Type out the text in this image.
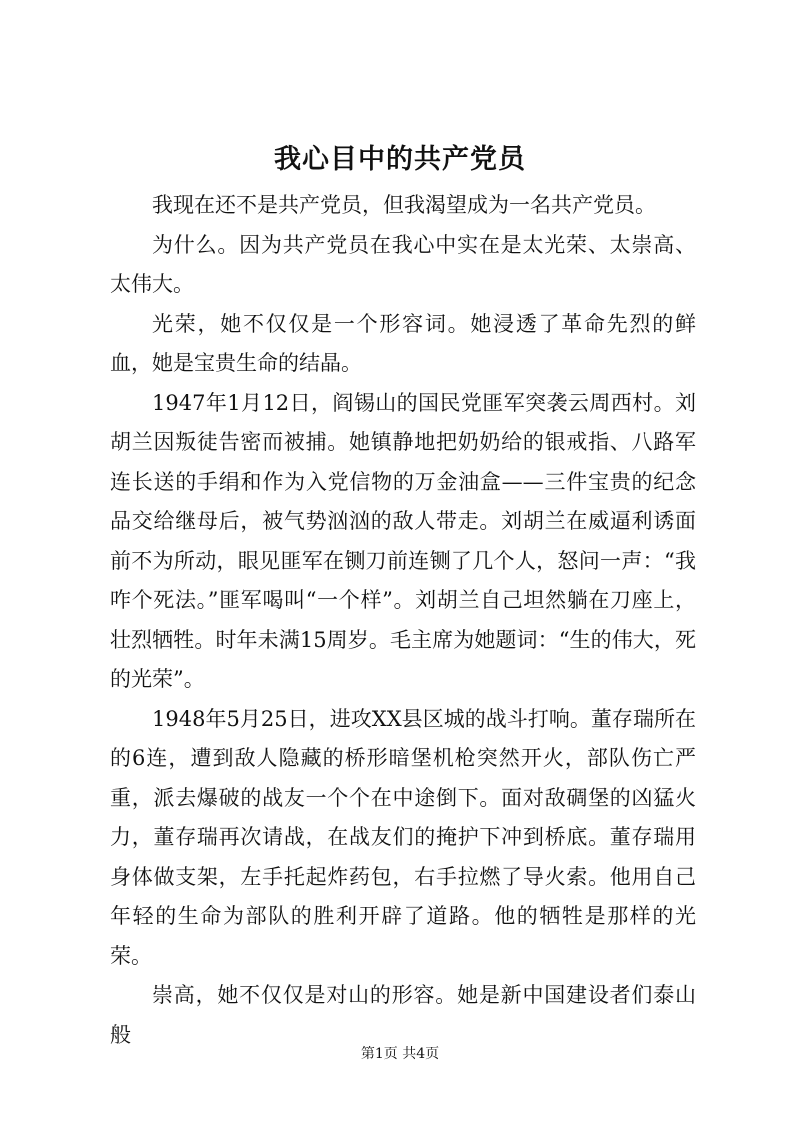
我心目中的共产党员

我现在还不是共产党员，但我渴望成为一名共产党员。

为什么。因为共产党员在我心中实在是太光荣、太崇高、太伟大。

光荣，她不仅仅是一个形容词。她浸透了革命先烈的鲜血，她是宝贵生命的结晶。

1947年1月12日，阎锡山的国民党匪军突袭云周西村。刘胡兰因叛徒告密而被捕。她镇静地把奶奶给的银戒指、八路军连长送的手绢和作为入党信物的万金油盒——三件宝贵的纪念品交给继母后，被气势汹汹的敌人带走。刘胡兰在威逼利诱面前不为所动，眼见匪军在铡刀前连铡了几个人，怒问一声：“我咋个死法。”匪军喝叫“一个样”。刘胡兰自己坦然躺在刀座上，壮烈牺牲。时年未满15周岁。毛主席为她题词：“生的伟大，死的光荣”。

1948年5月25日，进攻XX县区城的战斗打响。董存瑞所在的6连，遭到敌人隐藏的桥形暗堡机枪突然开火，部队伤亡严重，派去爆破的战友一个个在中途倒下。面对敌碉堡的凶猛火力，董存瑞再次请战，在战友们的掩护下冲到桥底。董存瑞用身体做支架，左手托起炸药包，右手拉燃了导火索。他用自己年轻的生命为部队的胜利开辟了道路。他的牺牲是那样的光荣。

崇高，她不仅仅是对山的形容。她是新中国建设者们泰山般

第1页 共4页
